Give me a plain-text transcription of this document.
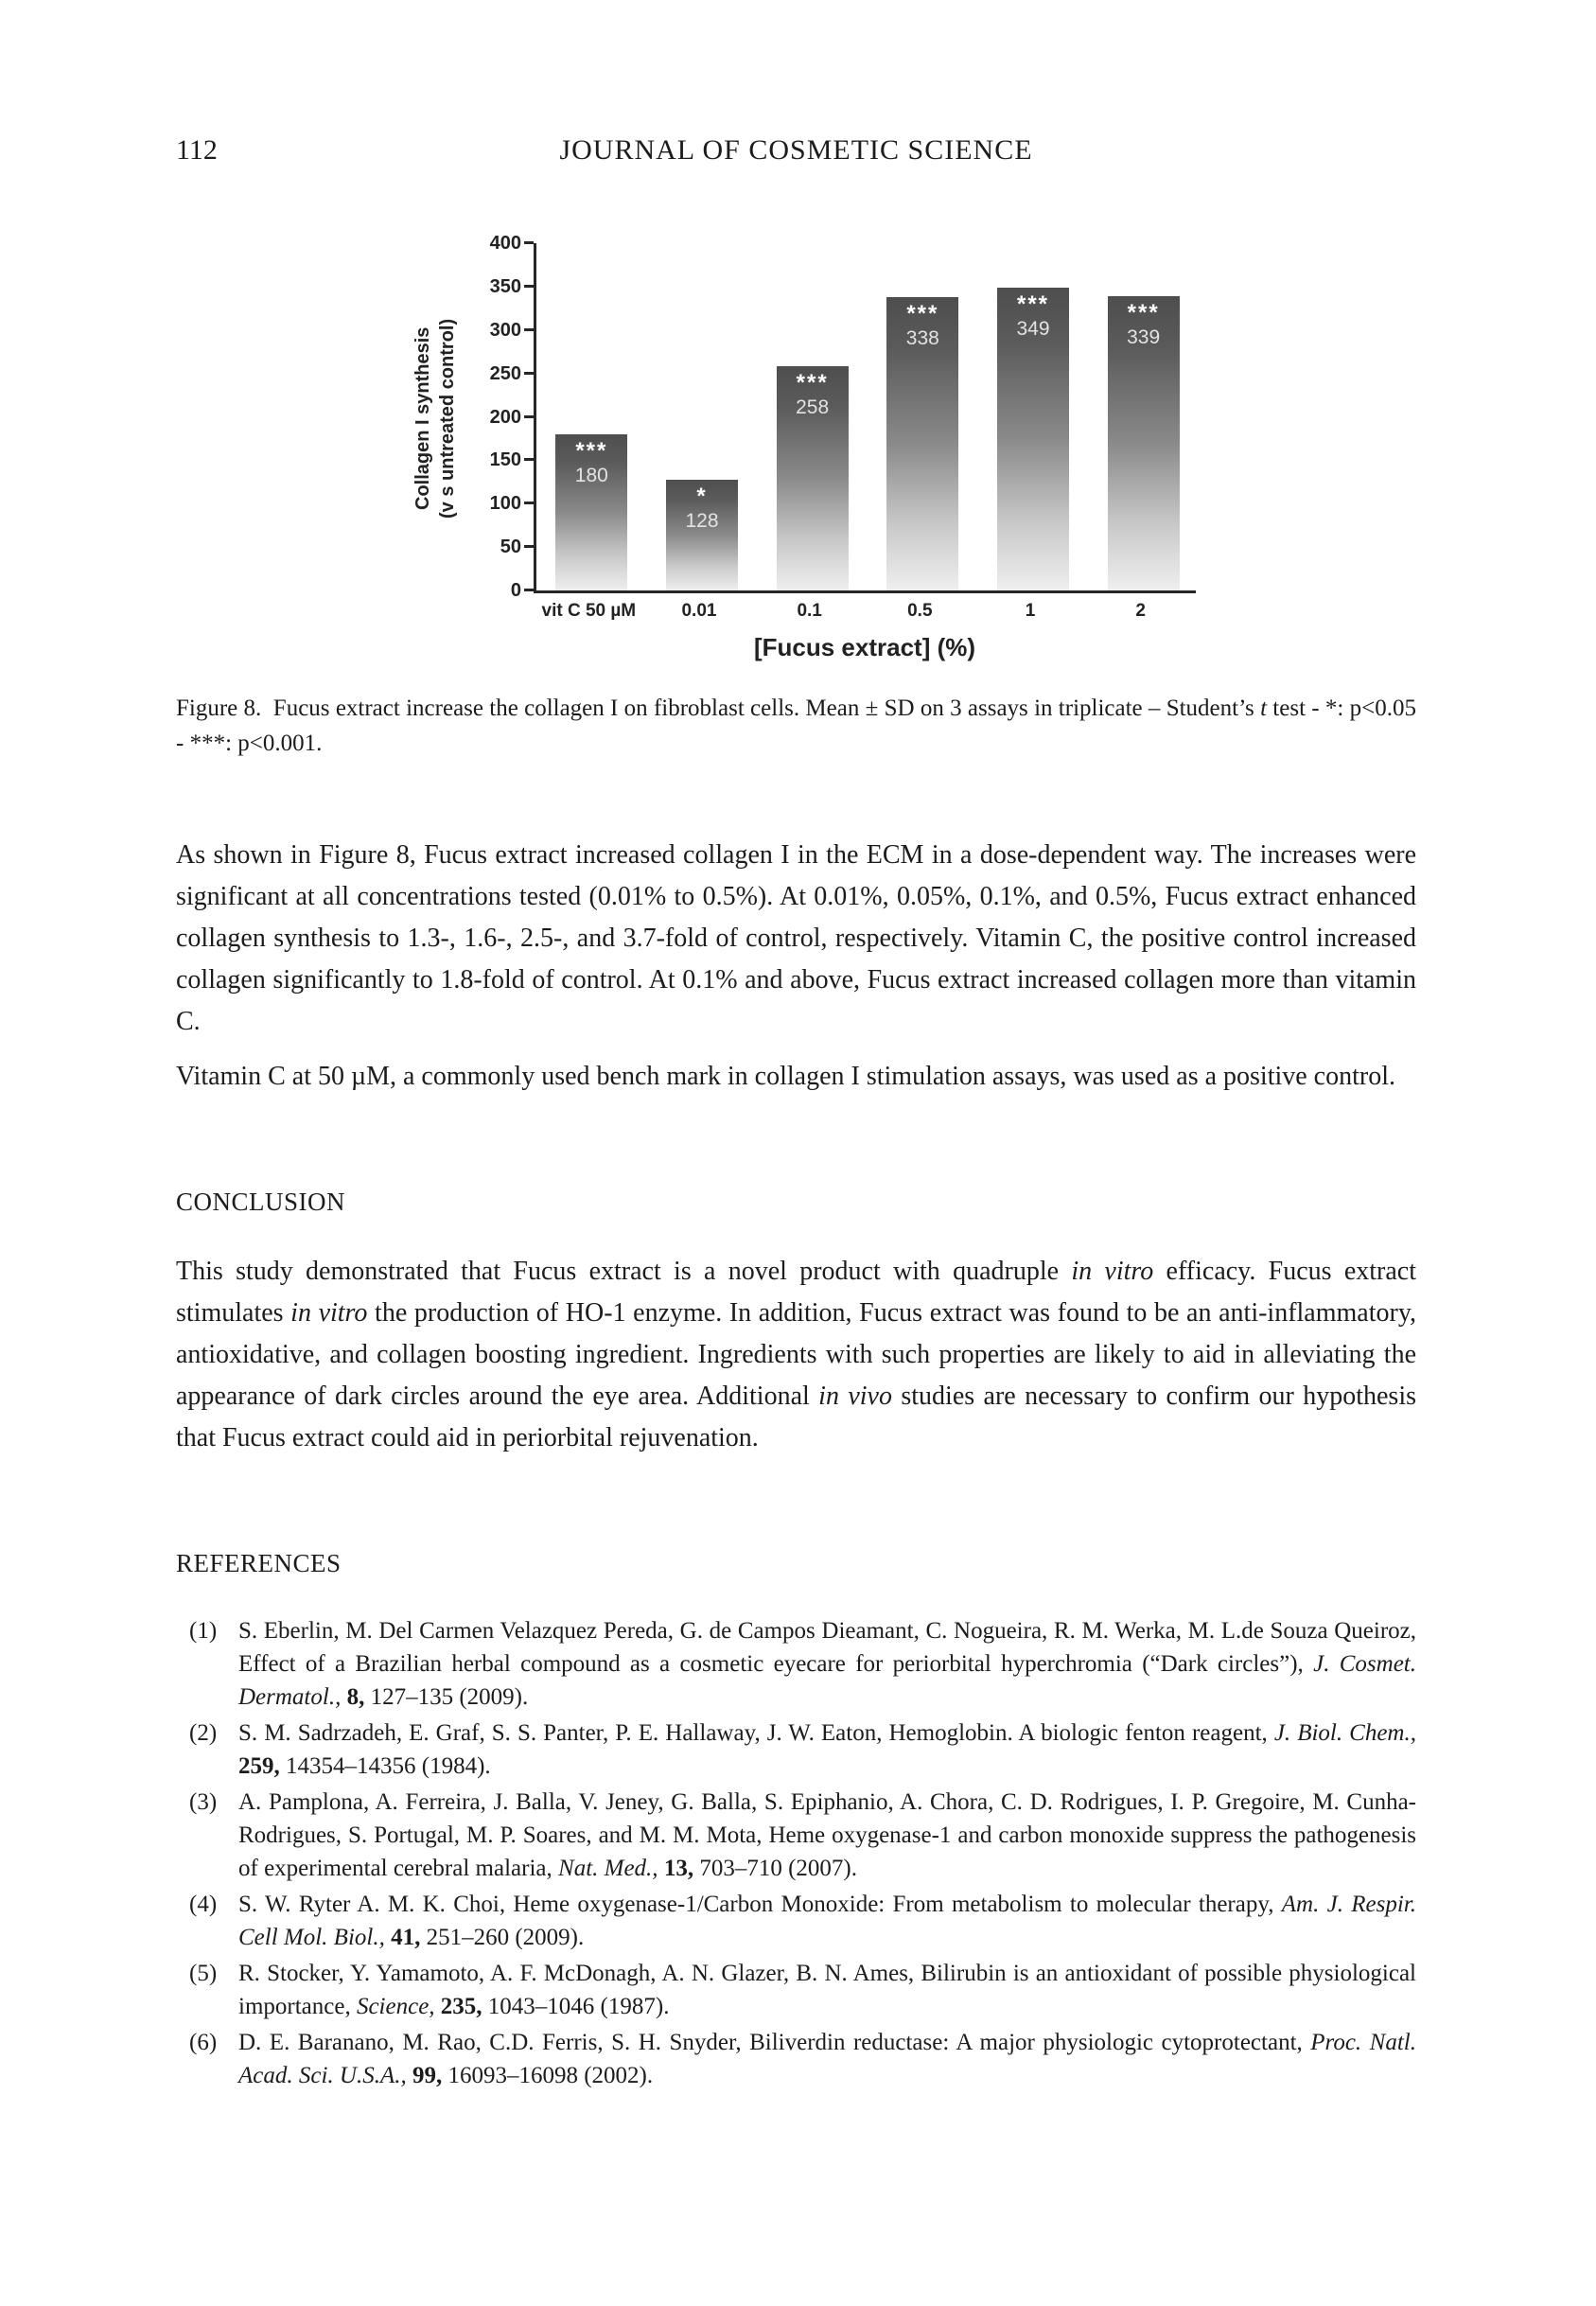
112	JOURNAL OF COSMETIC SCIENCE
Collagen I synthesis (v s untreated control)
0
50
100
150
200
250
300
350
400
***
180
*
128
***
258
***
338
***
349
***
339
vit C 50 µM	0.01	0.1	0.5	1	2
[Fucus extract] (%)
Figure 8. Fucus extract increase the collagen I on fibroblast cells. Mean ± SD on 3 assays in triplicate – Student’s t test - *: p<0.05 - ***: p<0.001.

As shown in Figure 8, Fucus extract increased collagen I in the ECM in a dose-dependent way. The increases were significant at all concentrations tested (0.01% to 0.5%). At 0.01%, 0.05%, 0.1%, and 0.5%, Fucus extract enhanced collagen synthesis to 1.3-, 1.6-, 2.5-, and 3.7-fold of control, respectively. Vitamin C, the positive control increased collagen significantly to 1.8-fold of control. At 0.1% and above, Fucus extract increased collagen more than vitamin C.

Vitamin C at 50 µM, a commonly used bench mark in collagen I stimulation assays, was used as a positive control.

CONCLUSION

This study demonstrated that Fucus extract is a novel product with quadruple in vitro efficacy. Fucus extract stimulates in vitro the production of HO-1 enzyme. In addition, Fucus extract was found to be an anti-inflammatory, antioxidative, and collagen boosting ingredient. Ingredients with such properties are likely to aid in alleviating the appearance of dark circles around the eye area. Additional in vivo studies are necessary to confirm our hypothesis that Fucus extract could aid in periorbital rejuvenation.

REFERENCES
(1) S. Eberlin, M. Del Carmen Velazquez Pereda, G. de Campos Dieamant, C. Nogueira, R. M. Werka, M. L.de Souza Queiroz, Effect of a Brazilian herbal compound as a cosmetic eyecare for periorbital hyperchromia (“Dark circles”), J. Cosmet. Dermatol., 8, 127–135 (2009).
(2) S. M. Sadrzadeh, E. Graf, S. S. Panter, P. E. Hallaway, J. W. Eaton, Hemoglobin. A biologic fenton reagent, J. Biol. Chem., 259, 14354–14356 (1984).
(3) A. Pamplona, A. Ferreira, J. Balla, V. Jeney, G. Balla, S. Epiphanio, A. Chora, C. D. Rodrigues, I. P. Gregoire, M. Cunha-Rodrigues, S. Portugal, M. P. Soares, and M. M. Mota, Heme oxygenase-1 and carbon monoxide suppress the pathogenesis of experimental cerebral malaria, Nat. Med., 13, 703–710 (2007).
(4) S. W. Ryter A. M. K. Choi, Heme oxygenase-1/Carbon Monoxide: From metabolism to molecular therapy, Am. J. Respir. Cell Mol. Biol., 41, 251–260 (2009).
(5) R. Stocker, Y. Yamamoto, A. F. McDonagh, A. N. Glazer, B. N. Ames, Bilirubin is an antioxidant of possible physiological importance, Science, 235, 1043–1046 (1987).
(6) D. E. Baranano, M. Rao, C.D. Ferris, S. H. Snyder, Biliverdin reductase: A major physiologic cytoprotectant, Proc. Natl. Acad. Sci. U.S.A., 99, 16093–16098 (2002).
